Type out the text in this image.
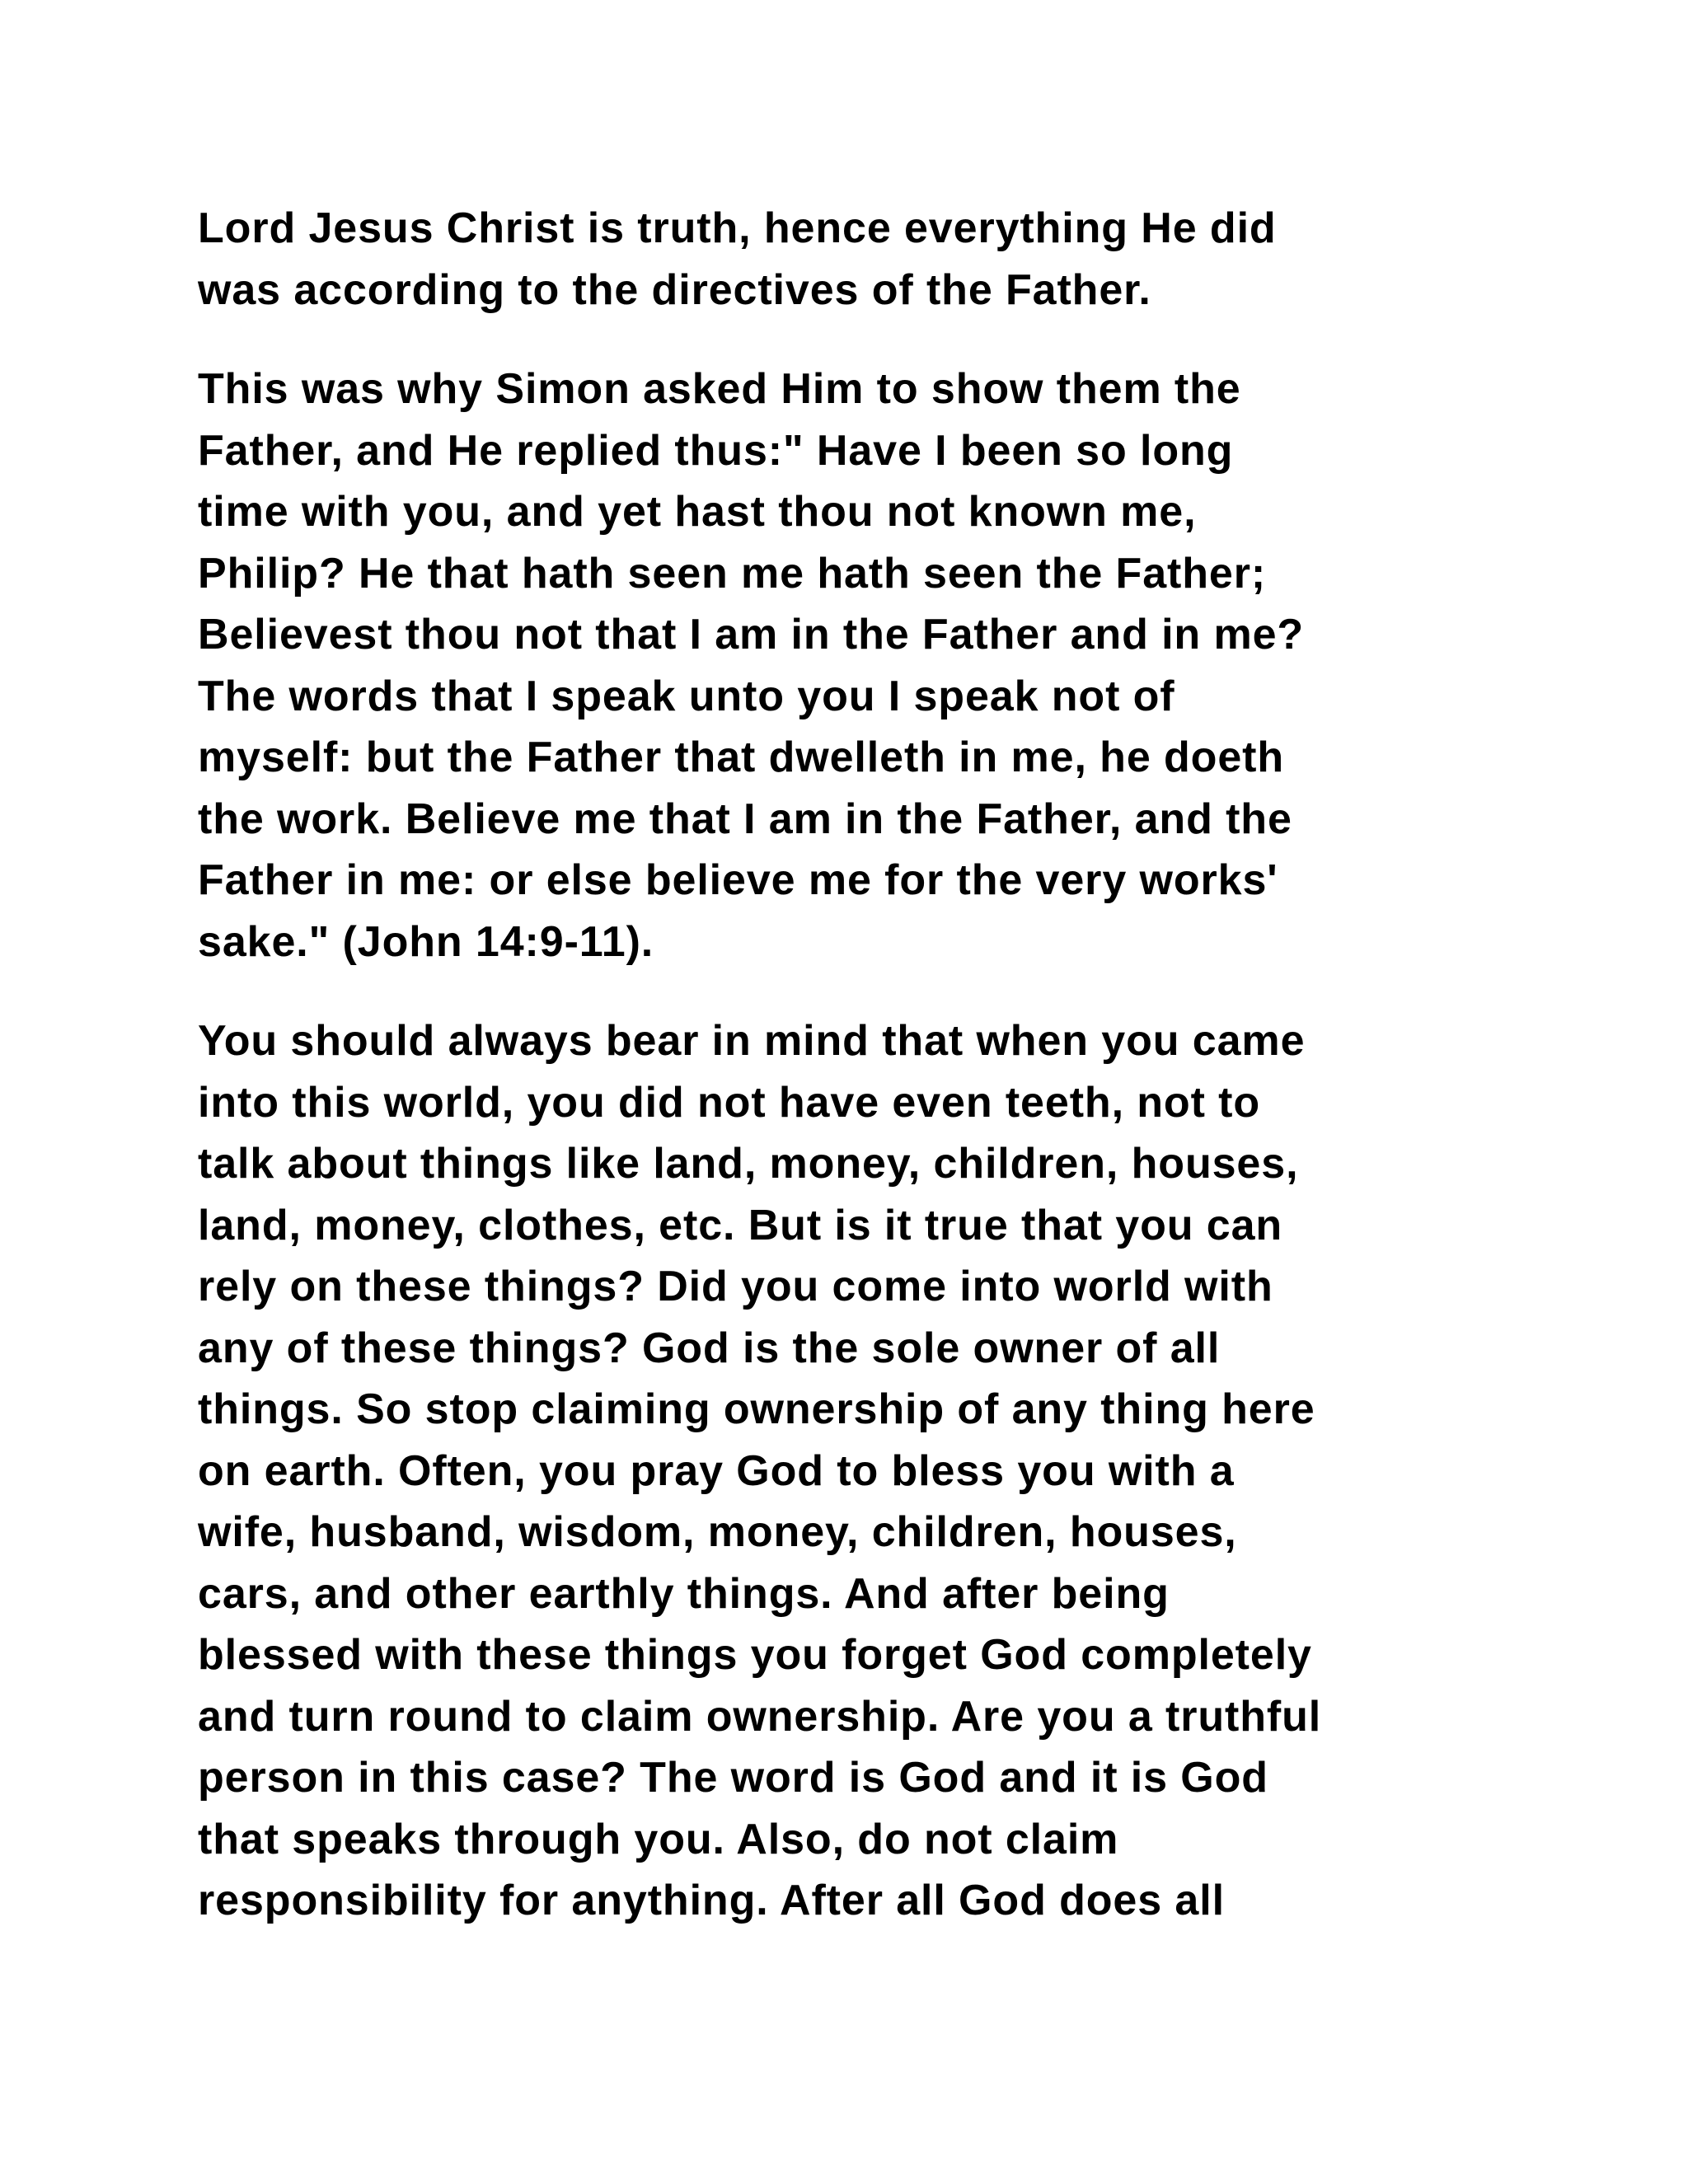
Lord Jesus Christ is truth, hence everything He did
was according to the directives of the Father.

This was why Simon asked Him to show them the
Father, and He replied thus:" Have I been so long
time with you, and yet hast thou not known me,
Philip? He that hath seen me hath seen the Father;
Believest thou not that I am in the Father and in me?
The words that I speak unto you I speak not of
myself: but the Father that dwelleth in me, he doeth
the work. Believe me that I am in the Father, and the
Father in me: or else believe me for the very works'
sake." (John 14:9-11).

You should always bear in mind that when you came
into this world, you did not have even teeth, not to
talk about things like land, money, children, houses,
land, money, clothes, etc. But is it true that you can
rely on these things? Did you come into world with
any of these things? God is the sole owner of all
things. So stop claiming ownership of any thing here
on earth. Often, you pray God to bless you with a
wife, husband, wisdom, money, children, houses,
cars, and other earthly things. And after being
blessed with these things you forget God completely
and turn round to claim ownership. Are you a truthful
person in this case? The word is God and it is God
that speaks through you. Also, do not claim
responsibility for anything. After all God does all
